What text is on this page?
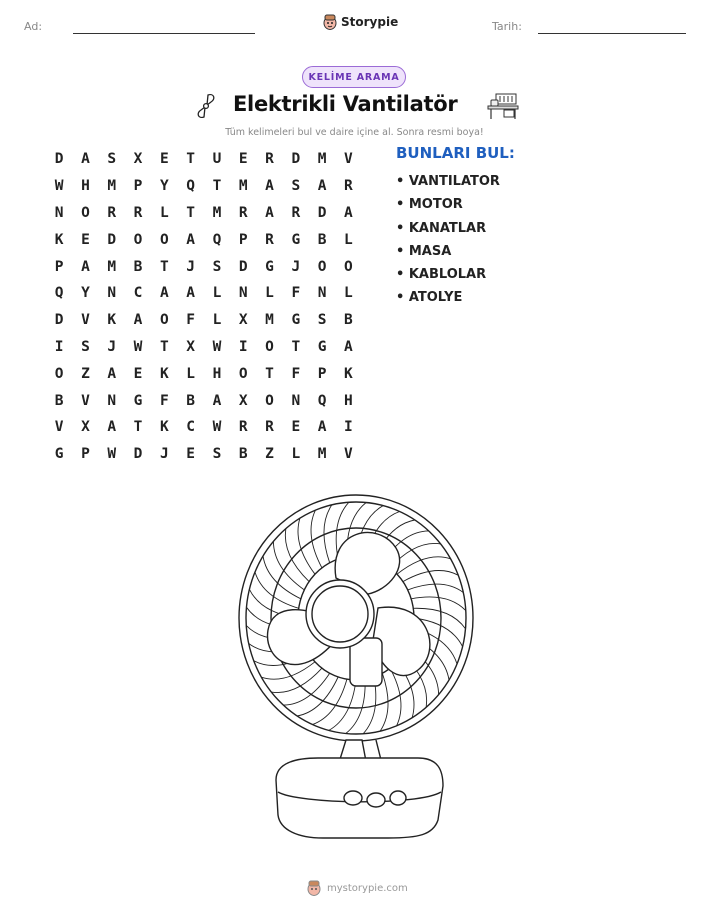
Ad:	Storypie	Tarih:
KELİME ARAMA
Elektrikli Vantilatör
Tüm kelimeleri bul ve daire içine al. Sonra resmi boya!
D	A	S	X	E	T	U	E	R	D	M	V
W	H	M	P	Y	Q	T	M	A	S	A	R
N	O	R	R	L	T	M	R	A	R	D	A
K	E	D	O	O	A	Q	P	R	G	B	L
P	A	M	B	T	J	S	D	G	J	O	O
Q	Y	N	C	A	A	L	N	L	F	N	L
D	V	K	A	O	F	L	X	M	G	S	B
I	S	J	W	T	X	W	I	O	T	G	A
O	Z	A	E	K	L	H	O	T	F	P	K
B	V	N	G	F	B	A	X	O	N	Q	H
V	X	A	T	K	C	W	R	R	E	A	I
G	P	W	D	J	E	S	B	Z	L	M	V
BUNLARI BUL:
• VANTILATOR
• MOTOR
• KANATLAR
• MASA
• KABLOLAR
• ATOLYE
mystorypie.com
